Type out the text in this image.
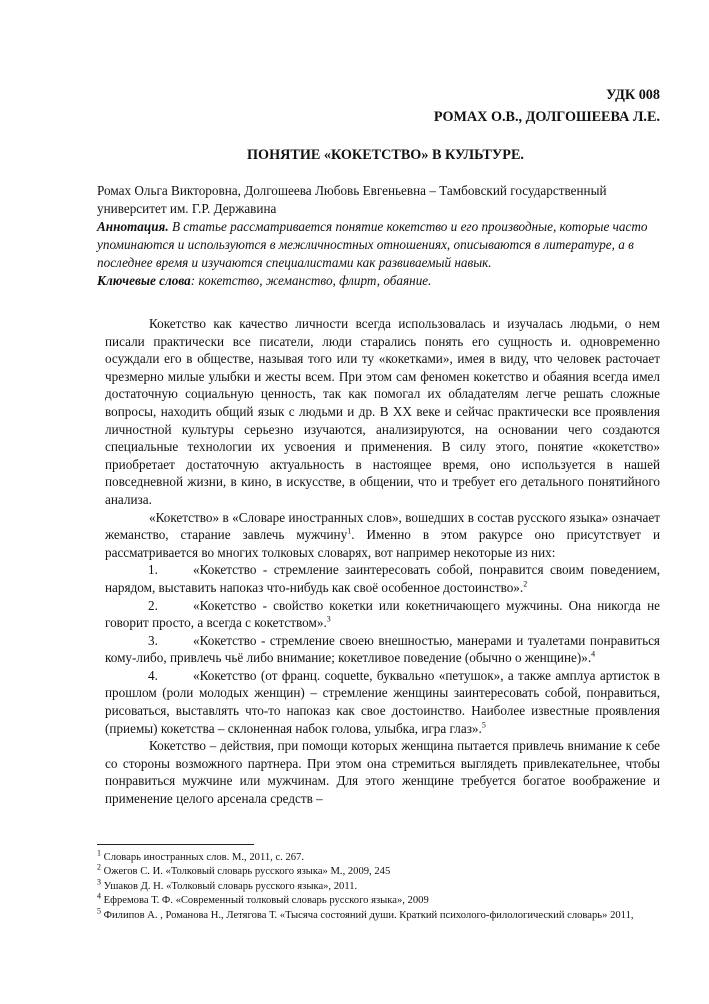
УДК 008
РОМАХ О.В., ДОЛГОШЕЕВА Л.Е.
ПОНЯТИЕ «КОКЕТСТВО» В КУЛЬТУРЕ.

Ромах Ольга Викторовна, Долгошеева Любовь Евгеньевна – Тамбовский государственный университет им. Г.Р. Державина

Аннотация. В статье рассматривается понятие кокетство и его производные, которые часто упоминаются и используются в межличностных отношениях, описываются в литературе, а в последнее время и изучаются специалистами как развиваемый навык.

Ключевые слова: кокетство, жеманство, флирт, обаяние.

Кокетство как качество личности всегда использовалась и изучалась людьми, о нем писали практически все писатели, люди старались понять его сущность и. одновременно осуждали его в обществе, называя того или ту «кокетками», имея в виду, что человек расточает чрезмерно милые улыбки и жесты всем. При этом сам феномен кокетство и обаяния всегда имел достаточную социальную ценность, так как помогал их обладателям легче решать сложные вопросы, находить общий язык с людьми и др. В XX веке и сейчас практически все проявления личностной культуры серьезно изучаются, анализируются, на основании чего создаются специальные технологии их усвоения и применения. В силу этого, понятие «кокетство» приобретает достаточную актуальность в настоящее время, оно используется в нашей повседневной жизни, в кино, в искусстве, в общении, что и требует его детального понятийного анализа.

«Кокетство» в «Словаре иностранных слов», вошедших в состав русского языка» означает жеманство, старание завлечь мужчину$^1$. Именно в этом ракурсе оно присутствует и рассматривается во многих толковых словарях, вот например некоторые из них:

1.	«Кокетство - стремление заинтересовать собой, понравится своим поведением, нарядом, выставить напоказ что-нибудь как своё особенное достоинство».$^2$

2.	«Кокетство - свойство кокетки или кокетничающего мужчины. Она никогда не говорит просто, а всегда с кокетством».$^3$

3.	«Кокетство - стремление своею внешностью, манерами и туалетами понравиться кому-либо, привлечь чьё либо внимание; кокетливое поведение (обычно о женщине)».$^4$

4.	«Кокетство (от франц. coquette, буквально «петушок», а также амплуа артисток в прошлом (роли молодых женщин) – стремление женщины заинтересовать собой, понравиться, рисоваться, выставлять что-то напоказ как свое достоинство. Наиболее известные проявления (приемы) кокетства – склоненная набок голова, улыбка, игра глаз».$^5$

Кокетство – действия, при помощи которых женщина пытается привлечь внимание к себе со стороны возможного партнера. При этом она стремиться выглядеть привлекательнее, чтобы понравиться мужчине или мужчинам. Для этого женщине требуется богатое воображение и применение целого арсенала средств –

$^1$ Словарь иностранных слов. М., 2011, с. 267.

$^2$ Ожегов С. И. «Толковый словарь русского языка» М., 2009, 245

$^3$ Ушаков Д. Н. «Толковый словарь русского языка», 2011.

$^4$ Ефремова Т. Ф. «Современный толковый словарь русского языка», 2009

$^5$ Филипов А. , Романова Н., Летягова Т. «Тысяча состояний души. Краткий психолого-филологический словарь» 2011,
